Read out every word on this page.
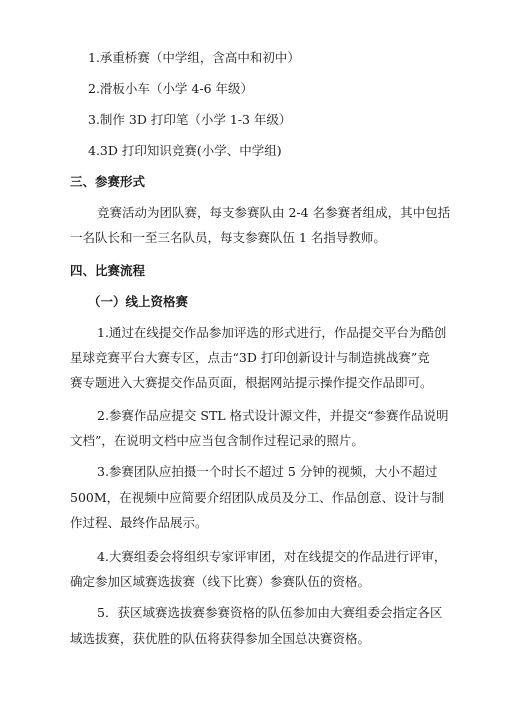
1.承重桥赛（中学组，含高中和初中）
2.滑板小车（小学 4-6 年级）
3.制作 3D 打印笔（小学 1-3 年级）
4.3D 打印知识竞赛(小学、中学组)
三、参赛形式
竞赛活动为团队赛，每支参赛队由 2-4 名参赛者组成，其中包括
一名队长和一至三名队员，每支参赛队伍 1 名指导教师。
四、比赛流程
（一）线上资格赛
1.通过在线提交作品参加评选的形式进行，作品提交平台为酷创
星球竞赛平台大赛专区，点击“3D 打印创新设计与制造挑战赛”竞
赛专题进入大赛提交作品页面，根据网站提示操作提交作品即可。
2.参赛作品应提交 STL 格式设计源文件，并提交“参赛作品说明
文档”，在说明文档中应当包含制作过程记录的照片。
3.参赛团队应拍摄一个时长不超过 5 分钟的视频，大小不超过
500M，在视频中应简要介绍团队成员及分工、作品创意、设计与制
作过程、最终作品展示。
4.大赛组委会将组织专家评审团，对在线提交的作品进行评审，
确定参加区域赛选拔赛（线下比赛）参赛队伍的资格。
5．获区域赛选拔赛参赛资格的队伍参加由大赛组委会指定各区
域选拔赛，获优胜的队伍将获得参加全国总决赛资格。
